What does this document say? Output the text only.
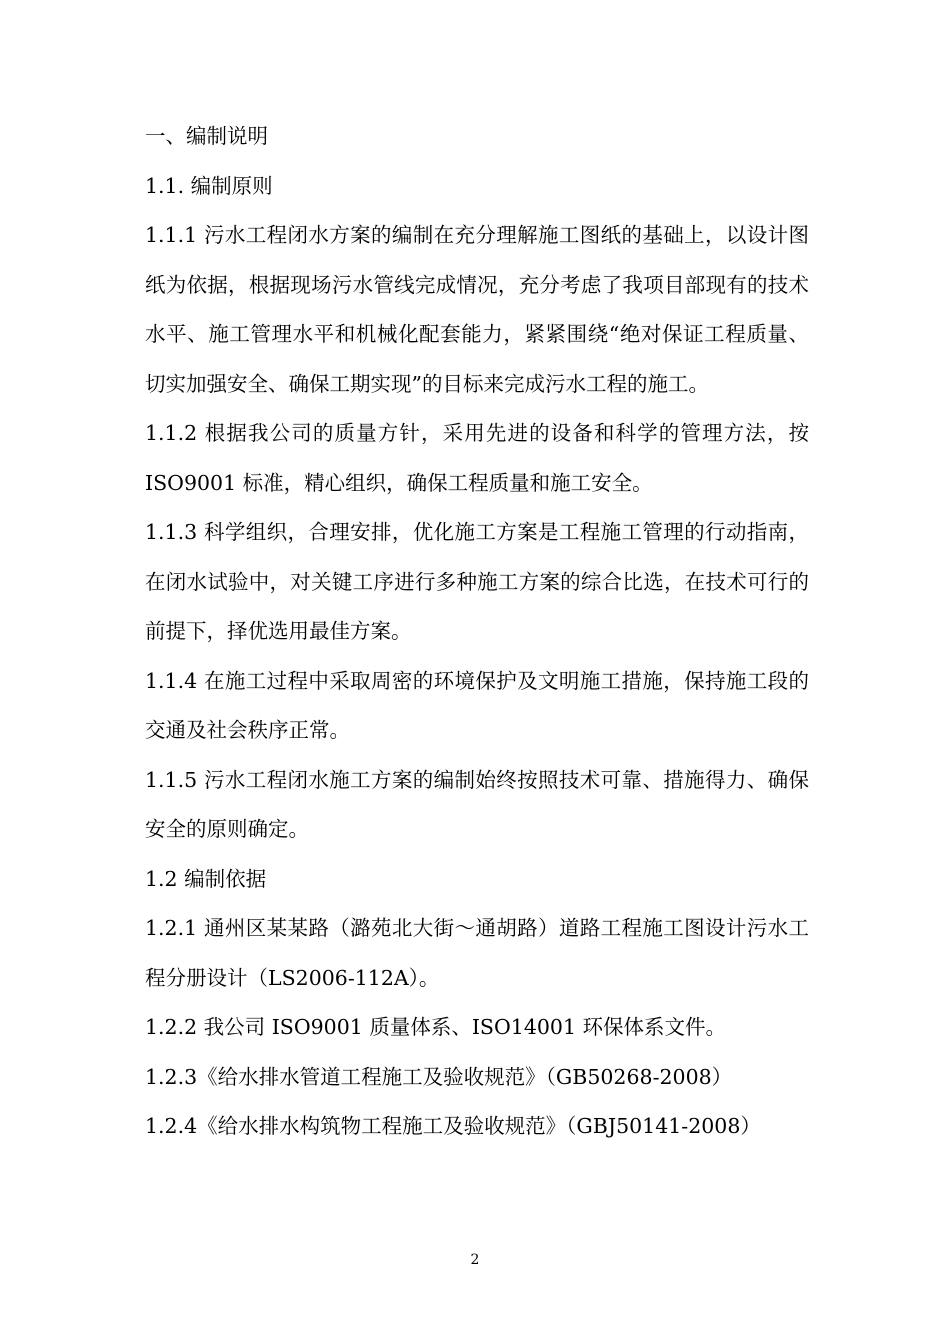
一、编制说明

1.1. 编制原则

1.1.1 污水工程闭水方案的编制在充分理解施工图纸的基础上，以设计图纸为依据，根据现场污水管线完成情况，充分考虑了我项目部现有的技术水平、施工管理水平和机械化配套能力，紧紧围绕“绝对保证工程质量、切实加强安全、确保工期实现”的目标来完成污水工程的施工。

1.1.2 根据我公司的质量方针，采用先进的设备和科学的管理方法，按 ISO9001 标准，精心组织，确保工程质量和施工安全。

1.1.3 科学组织，合理安排，优化施工方案是工程施工管理的行动指南，在闭水试验中，对关键工序进行多种施工方案的综合比选，在技术可行的前提下，择优选用最佳方案。

1.1.4 在施工过程中采取周密的环境保护及文明施工措施，保持施工段的交通及社会秩序正常。

1.1.5 污水工程闭水施工方案的编制始终按照技术可靠、措施得力、确保安全的原则确定。

1.2 编制依据

1.2.1 通州区某某路（潞苑北大街～通胡路）道路工程施工图设计污水工程分册设计（LS2006-112A）。

1.2.2 我公司 ISO9001 质量体系、ISO14001 环保体系文件。

1.2.3《给水排水管道工程施工及验收规范》（GB50268-2008）

1.2.4《给水排水构筑物工程施工及验收规范》（GBJ50141-2008）

2
